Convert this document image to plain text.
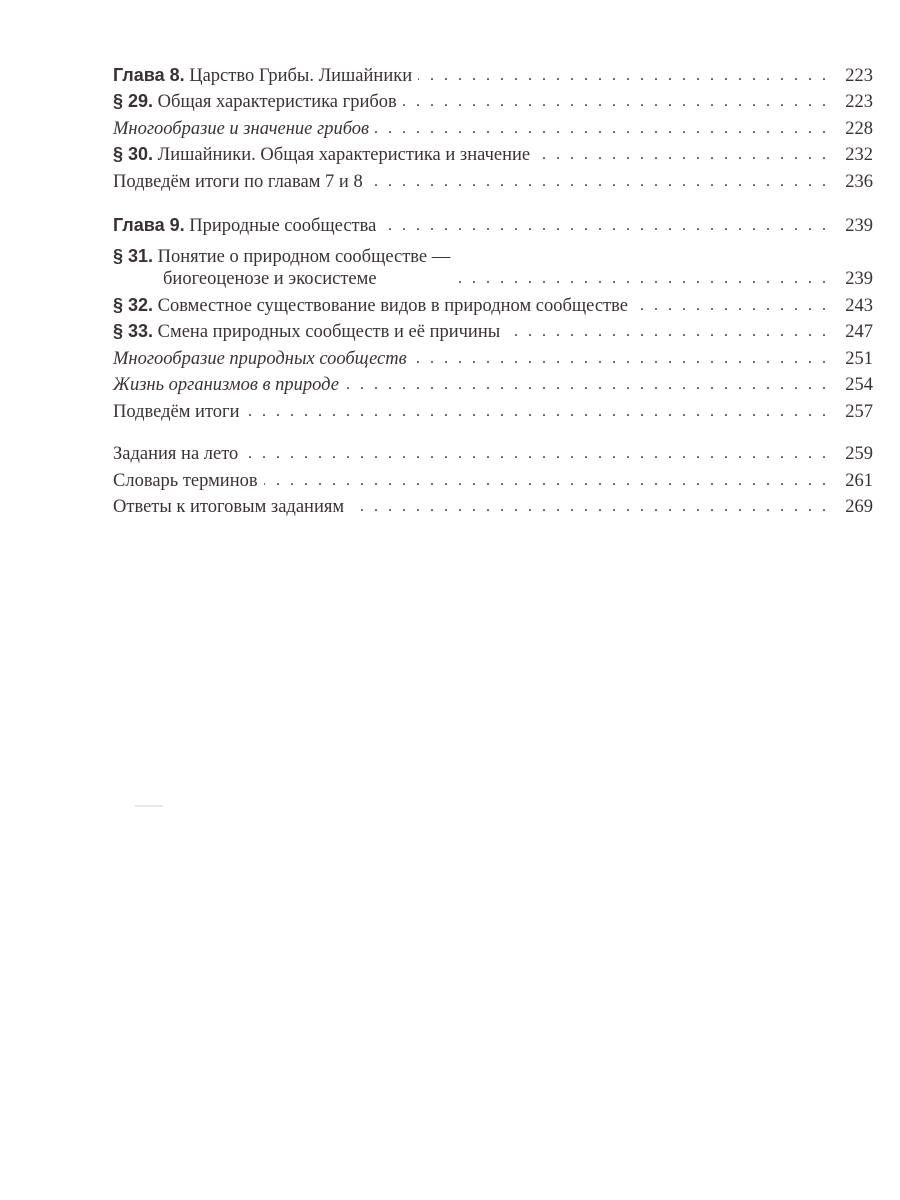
Глава 8. Царство Грибы. Лишайники . . .	223
§ 29. Общая характеристика грибов . . .	223
Многообразие и значение грибов . . .	228
§ 30. Лишайники. Общая характеристика и значение . . .	232
Подведём итоги по главам 7 и 8 . . .	236
Глава 9. Природные сообщества . . .	239
§ 31. Понятие о природном сообществе —
биогеоценозе и экосистеме . . .	239
§ 32. Совместное существование видов в природном сообществе . . .	243
§ 33. Смена природных сообществ и её причины . . .	247
Многообразие природных сообществ . . .	251
Жизнь организмов в природе . . .	254
Подведём итоги . . .	257
Задания на лето . . .	259
Словарь терминов . . .	261
Ответы к итоговым заданиям . . .	269
